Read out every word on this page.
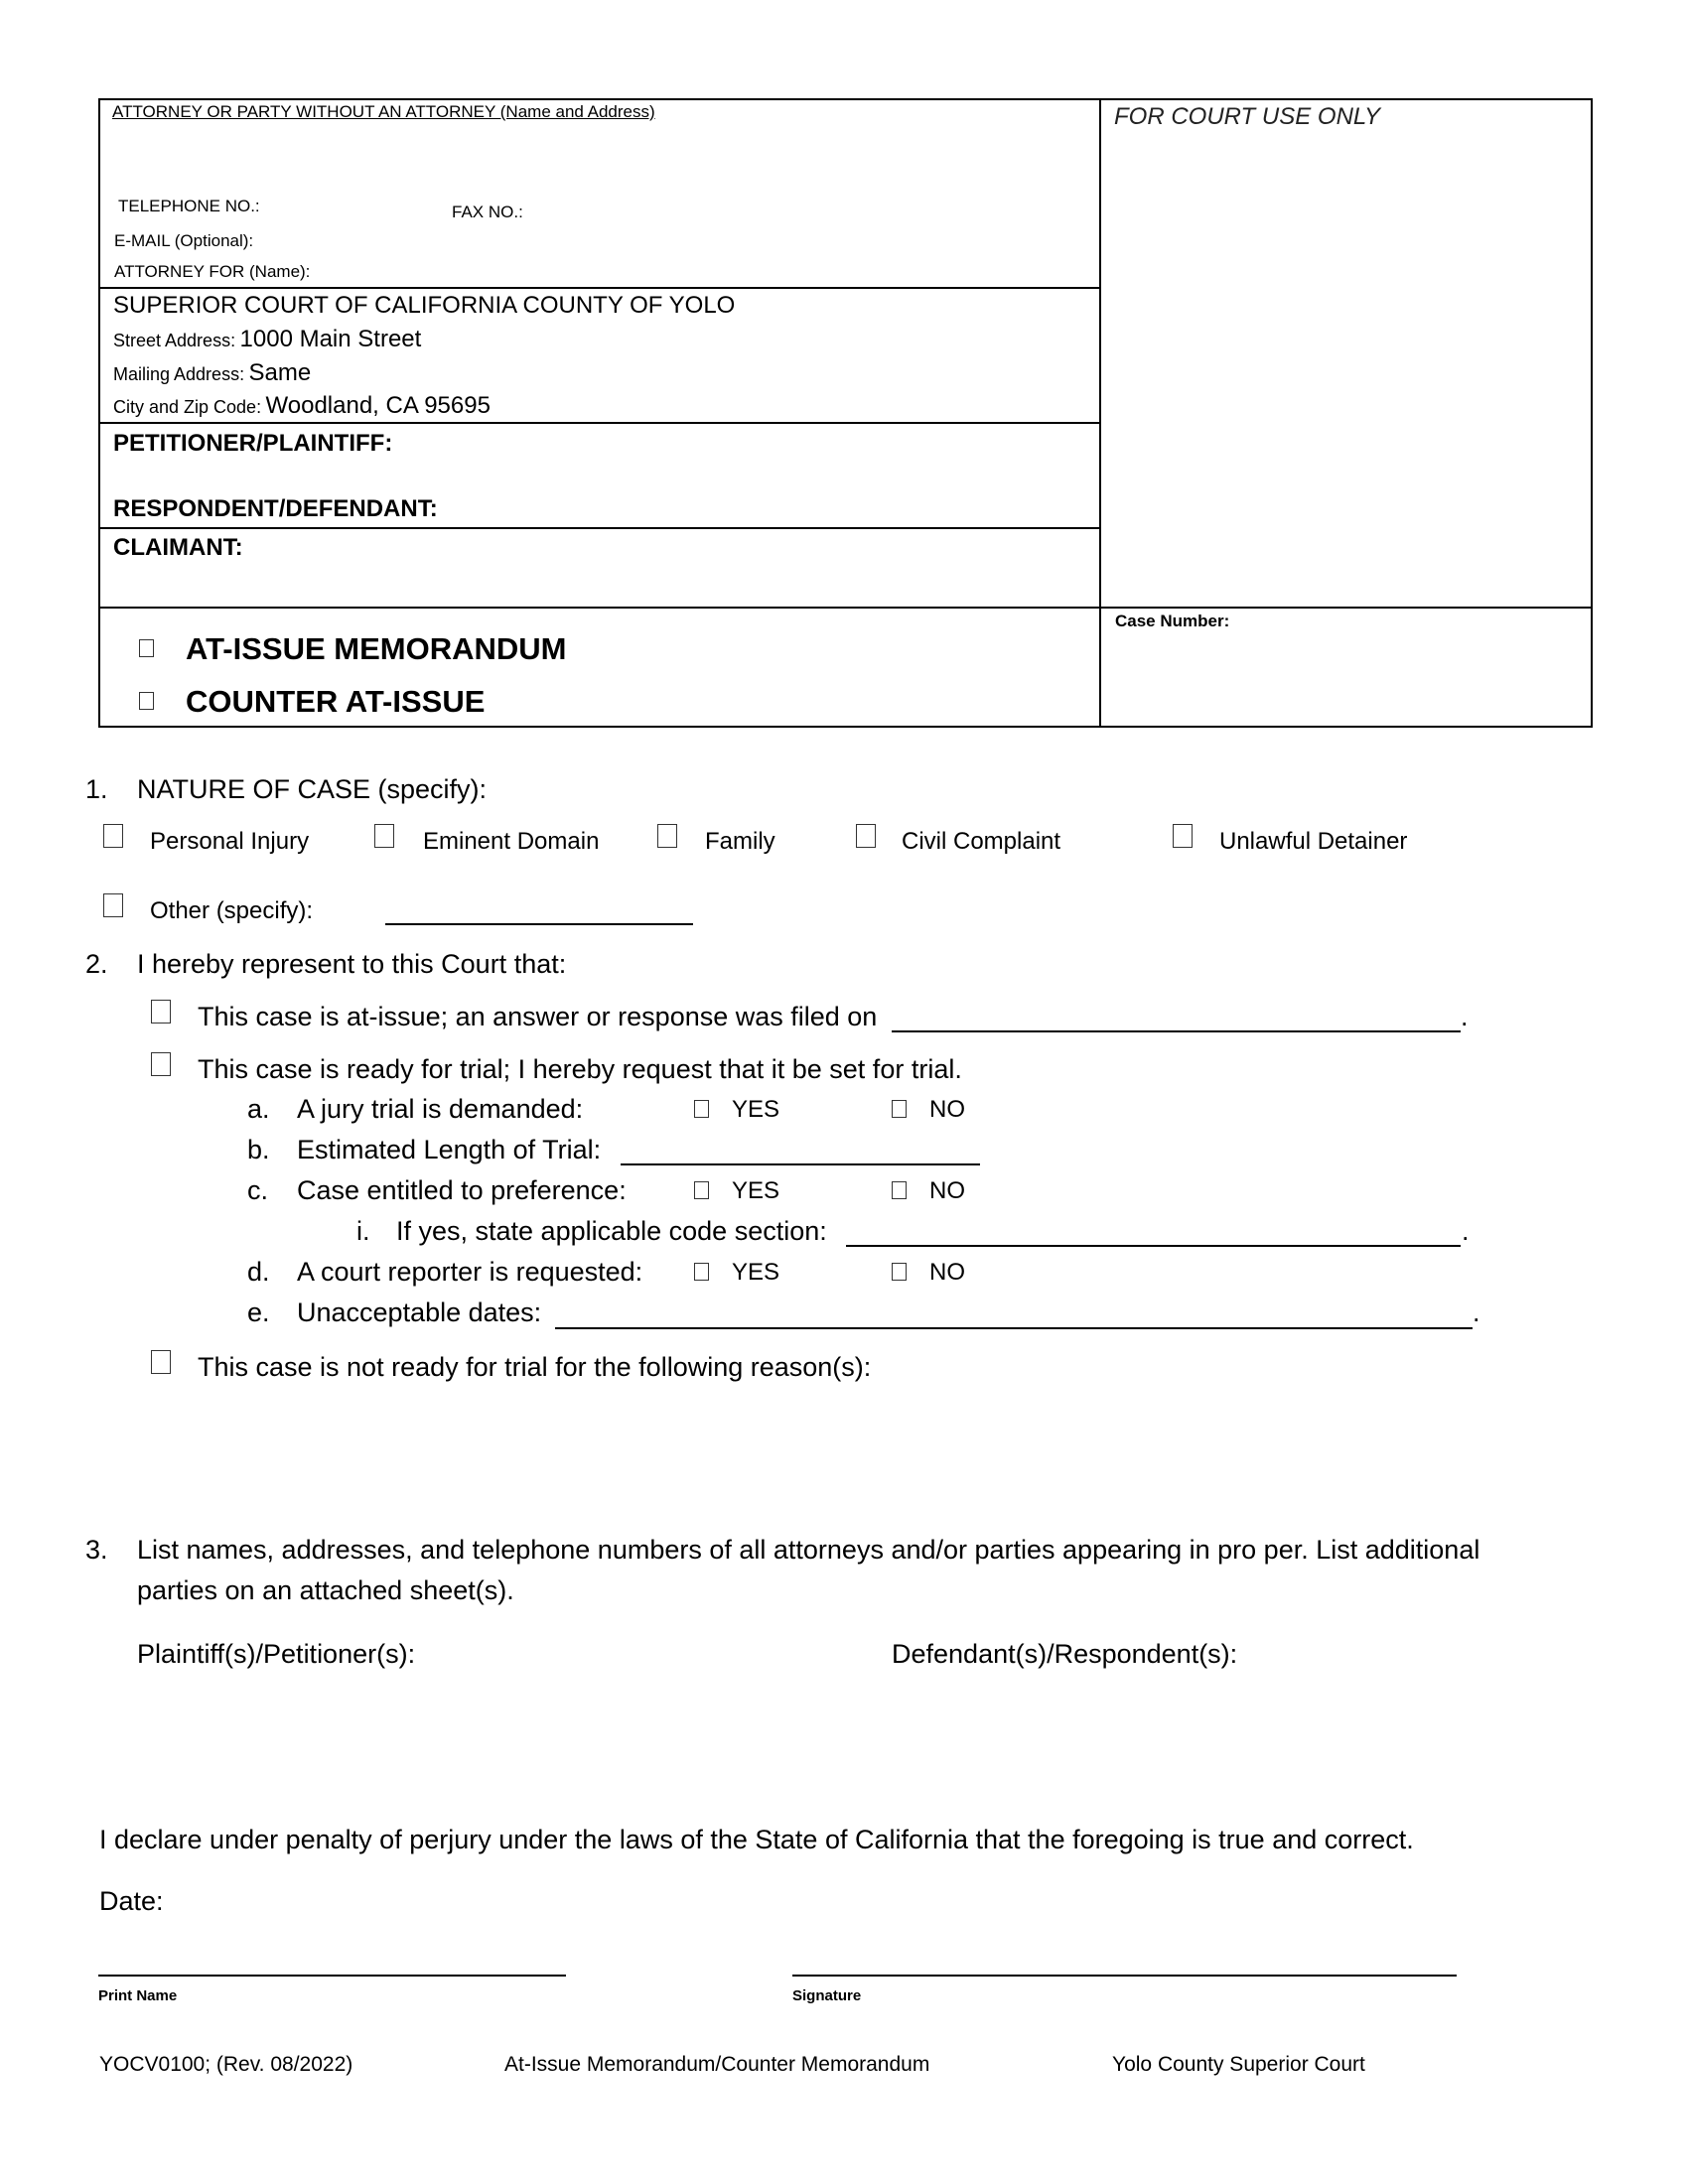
ATTORNEY OR PARTY WITHOUT AN ATTORNEY (Name and Address)	FOR COURT USE ONLY
TELEPHONE NO.:	FAX NO.:
E-MAIL (Optional):
ATTORNEY FOR (Name):
SUPERIOR COURT OF CALIFORNIA COUNTY OF YOLO
Street Address: 1000 Main Street
Mailing Address: Same
City and Zip Code: Woodland, CA 95695
PETITIONER/PLAINTIFF:
RESPONDENT/DEFENDANT:
CLAIMANT:
AT-ISSUE MEMORANDUM
COUNTER AT-ISSUE
Case Number:
1. NATURE OF CASE (specify):
Personal Injury	Eminent Domain	Family	Civil Complaint	Unlawful Detainer
Other (specify):
2. I hereby represent to this Court that:
This case is at-issue; an answer or response was filed on	.
This case is ready for trial; I hereby request that it be set for trial.
a. A jury trial is demanded:	YES	NO
b. Estimated Length of Trial:
c. Case entitled to preference:	YES	NO
i. If yes, state applicable code section:	.
d. A court reporter is requested:	YES	NO
e. Unacceptable dates:	.
This case is not ready for trial for the following reason(s):
3. List names, addresses, and telephone numbers of all attorneys and/or parties appearing in pro per. List additional
parties on an attached sheet(s).
Plaintiff(s)/Petitioner(s):	Defendant(s)/Respondent(s):
I declare under penalty of perjury under the laws of the State of California that the foregoing is true and correct.
Date:
Print Name	Signature
YOCV0100; (Rev. 08/2022)	At-Issue Memorandum/Counter Memorandum	Yolo County Superior Court
